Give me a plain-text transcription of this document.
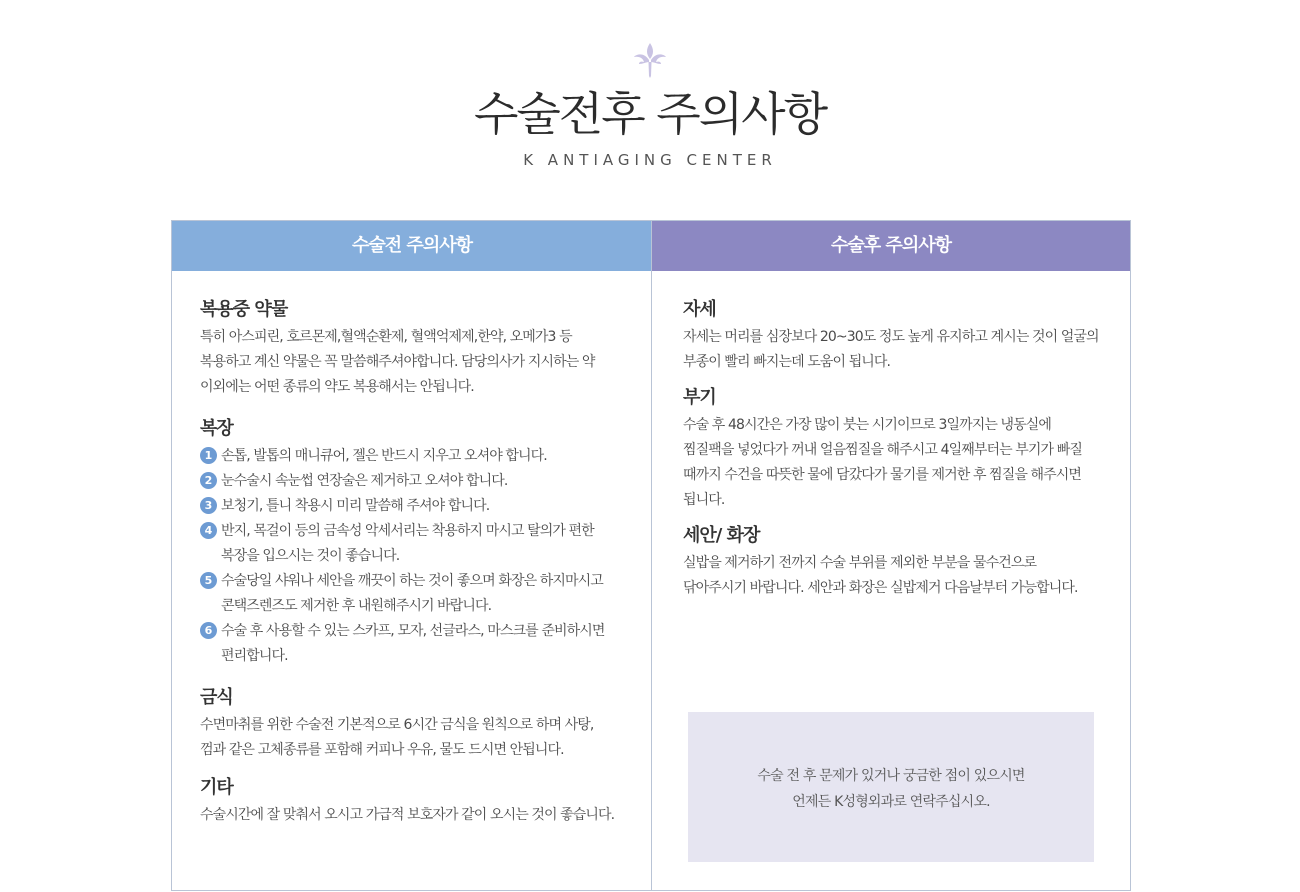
수술전후 주의사항
K ANTIAGING CENTER
수술전 주의사항
복용중 약물

특히 아스피린, 호르몬제,혈액순환제, 혈액억제제,한약, 오메가3 등
복용하고 계신 약물은 꼭 말씀해주셔야합니다. 담당의사가 지시하는 약
이외에는 어떤 종류의 약도 복용해서는 안됩니다.

복장
1 손톱, 발톱의 매니큐어, 젤은 반드시 지우고 오셔야 합니다.
2 눈수술시 속눈썹 연장술은 제거하고 오셔야 합니다.
3 보청기, 틀니 착용시 미리 말씀해 주셔야 합니다.
4 반지, 목걸이 등의 금속성 악세서리는 착용하지 마시고 탈의가 편한
복장을 입으시는 것이 좋습니다.
5 수술당일 샤워나 세안을 깨끗이 하는 것이 좋으며 화장은 하지마시고
콘택즈렌즈도 제거한 후 내원해주시기 바랍니다.
6 수술 후 사용할 수 있는 스카프, 모자, 선글라스, 마스크를 준비하시면
편리합니다.
금식

수면마취를 위한 수술전 기본적으로 6시간 금식을 원칙으로 하며 사탕,
껌과 같은 고체종류를 포함해 커피나 우유, 물도 드시면 안됩니다.

기타

수술시간에 잘 맞춰서 오시고 가급적 보호자가 같이 오시는 것이 좋습니다.

수술후 주의사항
자세

자세는 머리를 심장보다 20~30도 정도 높게 유지하고 계시는 것이 얼굴의
부종이 빨리 빠지는데 도움이 됩니다.

부기

수술 후 48시간은 가장 많이 붓는 시기이므로 3일까지는 냉동실에
찜질팩을 넣었다가 꺼내 얼음찜질을 해주시고 4일째부터는 부기가 빠질
때까지 수건을 따뜻한 물에 담갔다가 물기를 제거한 후 찜질을 해주시면
됩니다.

세안/ 화장

실밥을 제거하기 전까지 수술 부위를 제외한 부분을 물수건으로
닦아주시기 바랍니다. 세안과 화장은 실밥제거 다음날부터 가능합니다.

수술 전 후 문제가 있거나 궁금한 점이 있으시면
언제든 K성형외과로 연락주십시오.
